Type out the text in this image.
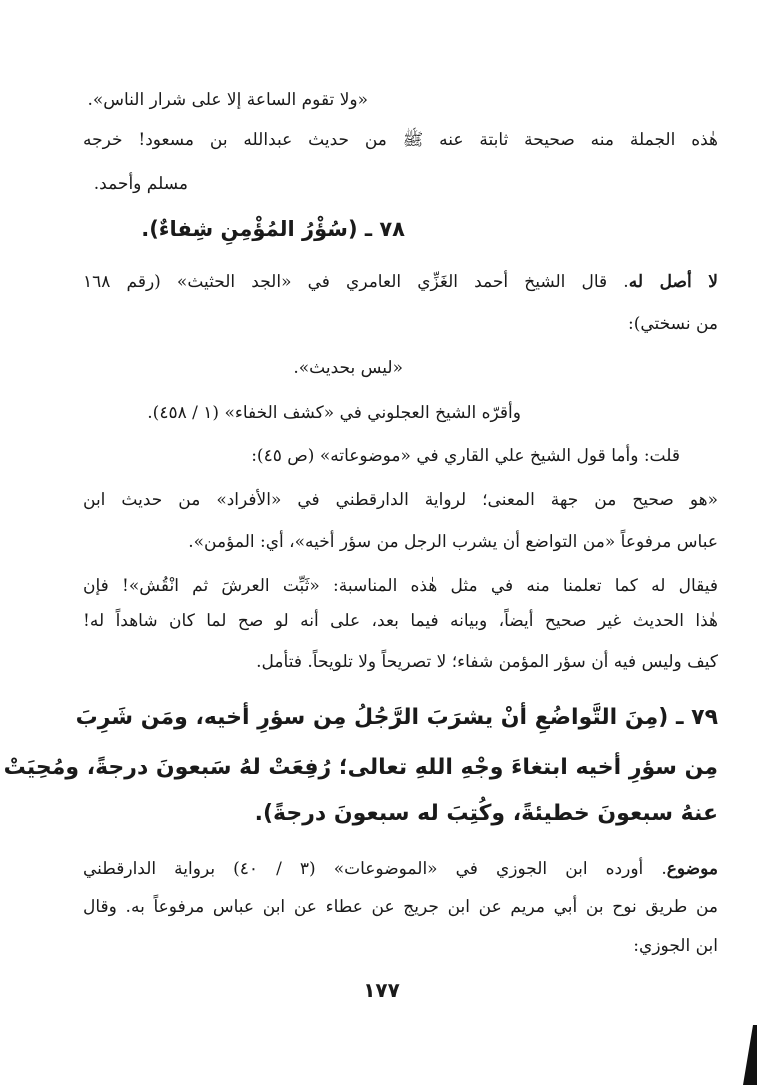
«ولا تقوم الساعة إلا على شرار الناس».
هٰذه الجملة منه صحيحة ثابتة عنه ﷺ من حديث عبدالله بن مسعود! خرجه
مسلم وأحمد.
٧٨ ـ (سُؤْرُ المُؤْمِنِ شِفاءٌ).
لا أصل له. قال الشيخ أحمد الغَزِّي العامري في «الجد الحثيث» (رقم ١٦٨
من نسختي):
«ليس بحديث».
وأقرّه الشيخ العجلوني في «كشف الخفاء» (١ / ٤٥٨).
قلت: وأما قول الشيخ علي القاري في «موضوعاته» (ص ٤٥):
«هو صحيح من جهة المعنى؛ لرواية الدارقطني في «الأفراد» من حديث ابن
عباس مرفوعاً «من التواضع أن يشرب الرجل من سؤر أخيه»، أي: المؤمن».
فيقال له كما تعلمنا منه في مثل هٰذه المناسبة: «ثَبِّت العرشَ ثم انْقُش»! فإن
هٰذا الحديث غير صحيح أيضاً، وبيانه فيما بعد، على أنه لو صح لما كان شاهداً له!
كيف وليس فيه أن سؤر المؤمن شفاء؛ لا تصريحاً ولا تلويحاً. فتأمل.
٧٩ ـ (مِنَ التَّواضُعِ أنْ يشرَبَ الرَّجُلُ مِن سؤرِ أخيه، ومَن شَرِبَ
مِن سؤرِ أخيه ابتغاءَ وجْهِ اللهِ تعالى؛ رُفِعَتْ لهُ سَبعونَ درجةً، ومُحِيَتْ
عنهُ سبعونَ خطيئةً، وكُتِبَ له سبعونَ درجةً).
موضوع. أورده ابن الجوزي في «الموضوعات» (٣ / ٤٠) برواية الدارقطني
من طريق نوح بن أبي مريم عن ابن جريج عن عطاء عن ابن عباس مرفوعاً به. وقال
ابن الجوزي:
١٧٧
